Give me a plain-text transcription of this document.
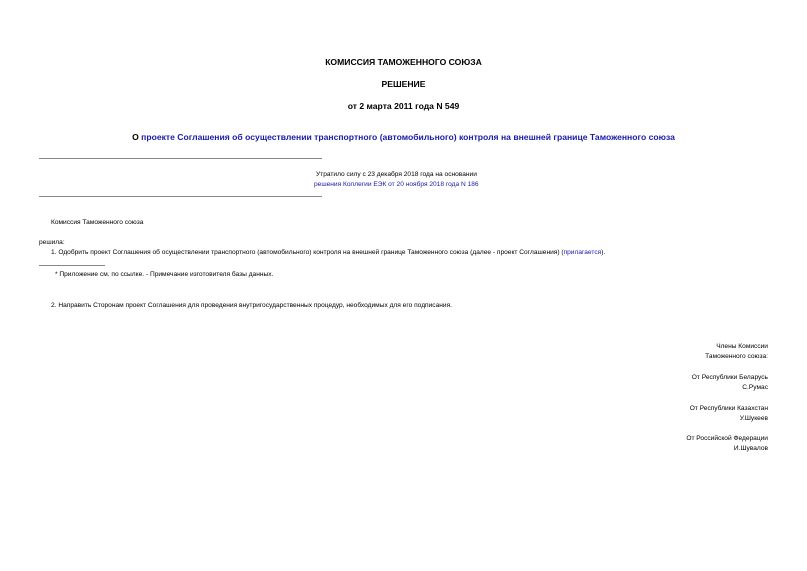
КОМИССИЯ ТАМОЖЕННОГО СОЮЗА
РЕШЕНИЕ
от 2 марта 2011 года N 549
О проекте Соглашения об осуществлении транспортного (автомобильного) контроля на внешней границе Таможенного союза
Утратило силу с 23 декабря 2018 года на основании
решения Коллегии ЕЭК от 20 ноября 2018 года N 186
Комиссия Таможенного союза
решила:
1. Одобрить проект Соглашения об осуществлении транспортного (автомобильного) контроля на внешней границе Таможенного союза (далее - проект Соглашения) (прилагается).
* Приложение см. по ссылке. - Примечание изготовителя базы данных.
2. Направить Сторонам проект Соглашения для проведения внутригосударственных процедур, необходимых для его подписания.
Члены Комиссии
Таможенного союза:
От Республики Беларусь
С.Румас
От Республики Казахстан
У.Шукеев
От Российской Федерации
И.Шувалов
